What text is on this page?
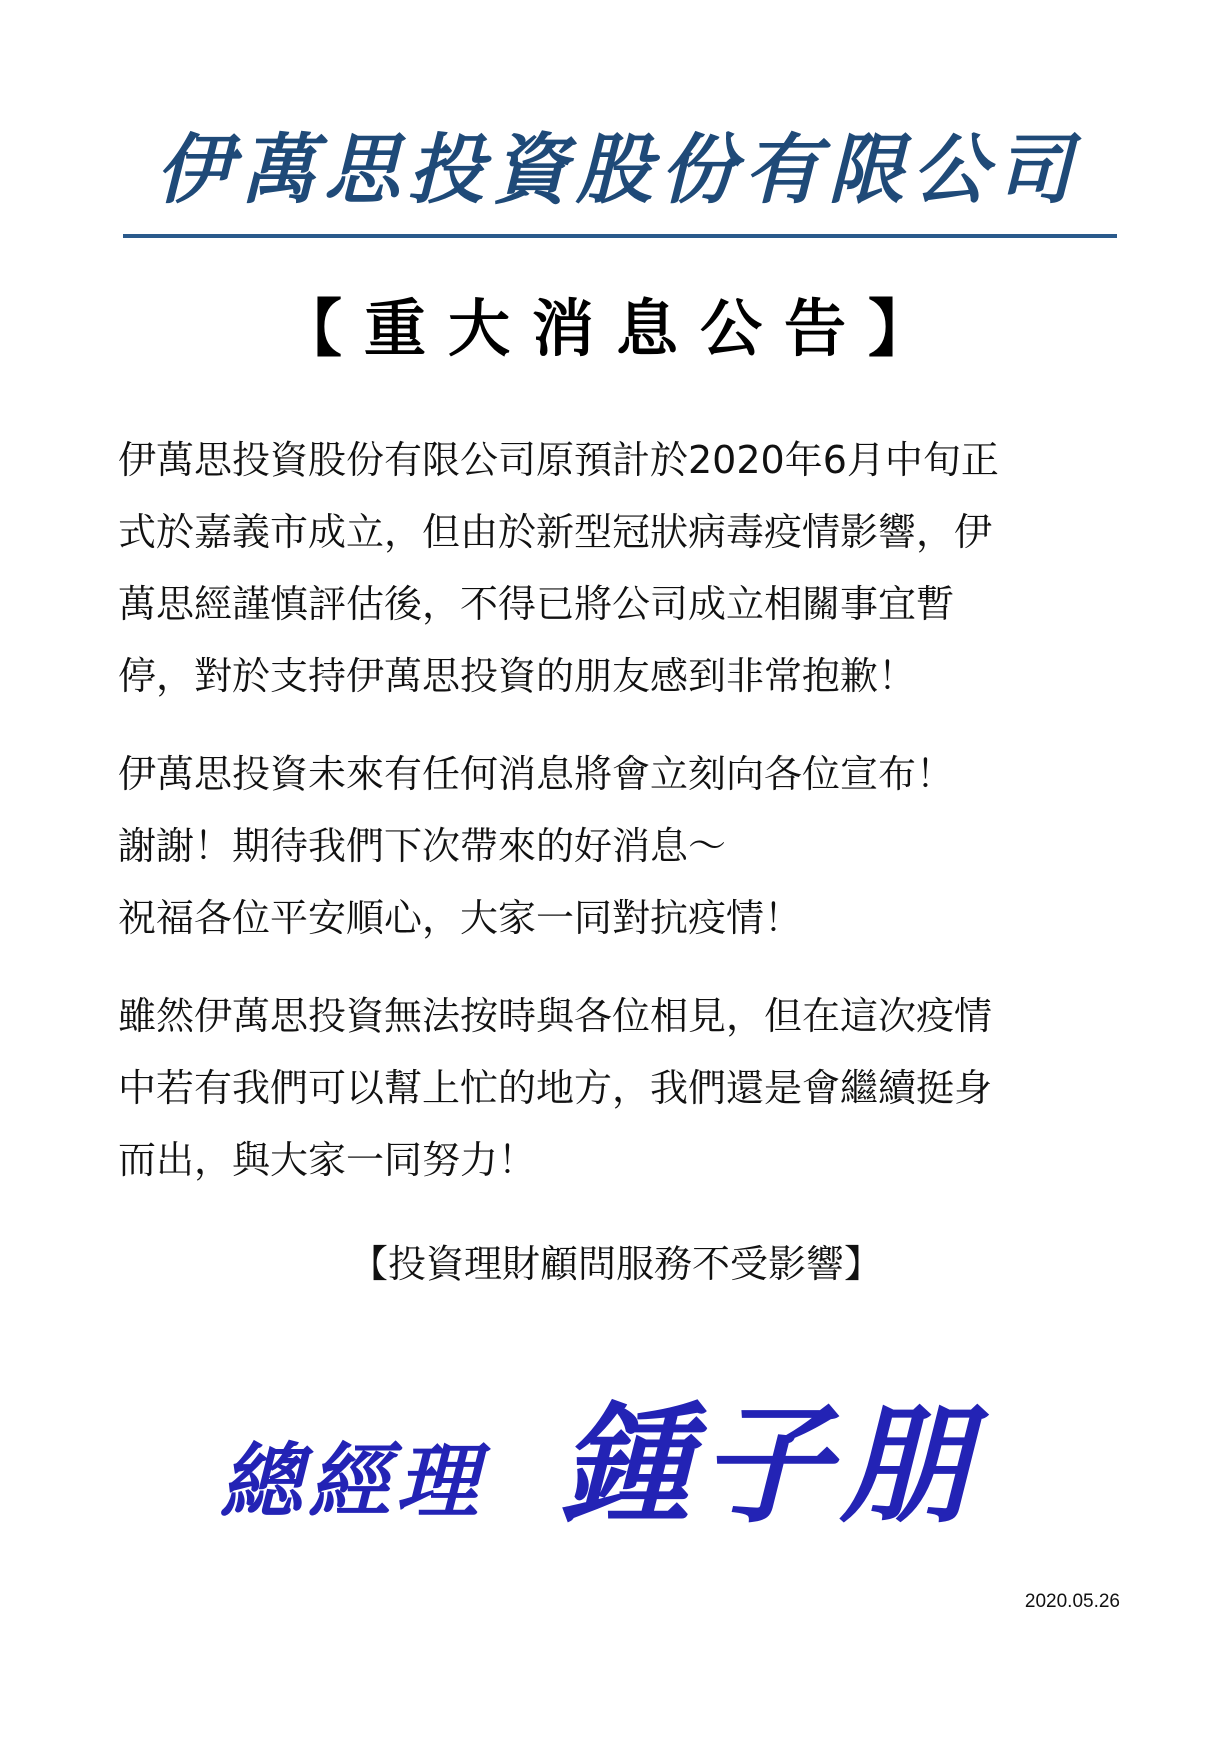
伊萬思投資股份有限公司
【重大消息公告】
伊萬思投資股份有限公司原預計於2020年6月中旬正
式於嘉義市成立，但由於新型冠狀病毒疫情影響，伊
萬思經謹慎評估後，不得已將公司成立相關事宜暫
停，對於支持伊萬思投資的朋友感到非常抱歉！
伊萬思投資未來有任何消息將會立刻向各位宣布！
謝謝！期待我們下次帶來的好消息～
祝福各位平安順心，大家一同對抗疫情！
雖然伊萬思投資無法按時與各位相見，但在這次疫情
中若有我們可以幫上忙的地方，我們還是會繼續挺身
而出，與大家一同努力！
【投資理財顧問服務不受影響】
總經理 鍾子朋
2020.05.26
